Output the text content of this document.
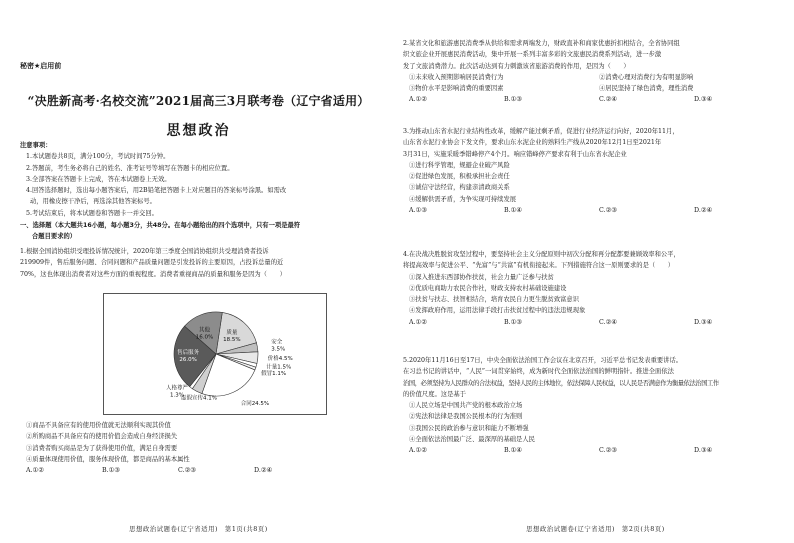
秘密★启用前
“决胜新高考·名校交流”2021届高三3月联考卷（辽宁省适用）
思想政治
注意事项：
1.本试题卷共8页，满分100分，考试时间75分钟。
2.答题前，考生务必将自己的姓名、准考证号等填写在答题卡的相应位置。
3.全部答案在答题卡上完成，答在本试题卷上无效。
4.回答选择题时，选出每小题答案后，用2B铅笔把答题卡上对应题目的答案标号涂黑。如需改
动，用橡皮擦干净后，再选涂其他答案标号。
5.考试结束后，将本试题卷和答题卡一并交回。
一、选择题（本大题共16小题，每小题3分，共48分。在每小题给出的四个选项中，只有一项是最符
合题目要求的）
1.根据全国消协组织受理投诉情况统计，2020年第三季度全国消协组织共受理消费者投诉
219909件，售后服务问题、合同问题和产品质量问题是引发投诉的主要原因，占投诉总量的近
70%，这也体现出消费者对这些方面的重视程度。消费者重视商品的质量和服务是因为（　　）
质量
18.5%	安全
3.5%
价格4.5%
计量1.5%
假冒1.1%
合同24.5%
虚假宣传4.1%
人格尊严
1.3%
售后服务
26.0%
其他
16.0%
①商品不具备应有的使用价值就无法顺利实现其价值
②所购商品不具备应有的使用价值会造成自身经济损失
③消费者购买商品是为了获得使用价值，满足自身需要
④质量体现使用价值，服务体现价值，都是商品的基本属性
A.①②	B.①③	C.②③	D.②④
思想政治试题卷(辽宁省适用)　第1页(共8页)
2.某省文化和旅游惠民消费季从供给和需求两端发力，财政直补和商家优惠折扣相结合，全省协同组
织文旅企业开展惠民消费活动，集中开展一系列丰富多彩的文旅惠民消费系列活动，进一步激
发了文旅消费潜力。此次活动达到有力刺激该省旅游消费的作用，是因为（　　）
①未来收入预期影响居民消费行为	②消费心理对消费行为有明显影响
③物价水平是影响消费的重要因素	④居民坚持了绿色消费，理性消费
A.①②	B.①③	C.②④	D.③④
3.为推动山东省水泥行业结构性改革，缓解产能过剩矛盾，促进行业经济运行向好，2020年11月，
山东省水泥行业协会下发文件，要求山东水泥企业的熟料生产线从2020年12月1日至2021年
3月31日，实施采暖季错峰停产4个月。响应错峰停产要求有利于山东省水泥企业
①进行科学管理，规避企业破产风险
②促进绿色发展，积极承担社会责任
③诚信守法经营，构建亲清政商关系
④缓解供需矛盾，为争实现可持续发展
A.①③	B.①④	C.②③	D.②④
4.在决战决胜脱贫攻坚过程中，要坚持社会主义分配原则中初次分配和再分配都要兼顾效率和公平，
将提高效率与促进公平、“先富”与“共富”有机衔接起来。下列措施符合这一原则要求的是（　　）
①深入推进东西部协作扶贫，社会力量广泛参与扶贫
②优质电商助力农民合作社，财政支持农村基础设施建设
③扶贫与扶志、扶智相结合，培育农民自力更生脱贫致富意识
④发挥政府作用，运用法律手段打击扶贫过程中的违法违规现象
A.①②	B.①③	C.②④	D.③④
5.2020年11月16日至17日，中央全面依法治国工作会议在北京召开，习近平总书记发表重要讲话。
在习总书记的讲话中，“人民”一词贯穿始终，成为新时代全面依法治国的鲜明指针。推进全面依法
治国，必须坚持为人民群众的合法权益，坚持人民的主体地位，依法保障人民权益，以人民是否满意作为衡量依法治国工作
的价值尺度。这是基于
①人民立场是中国共产党的根本政治立场
②宪法和法律是我国公民根本的行为准则
③我国公民的政治参与意识和能力不断增强
④全面依法治国最广泛、最深厚的基础是人民
A.①②	B.①④	C.②③	D.③④
思想政治试题卷(辽宁省适用)　第2页(共8页)
